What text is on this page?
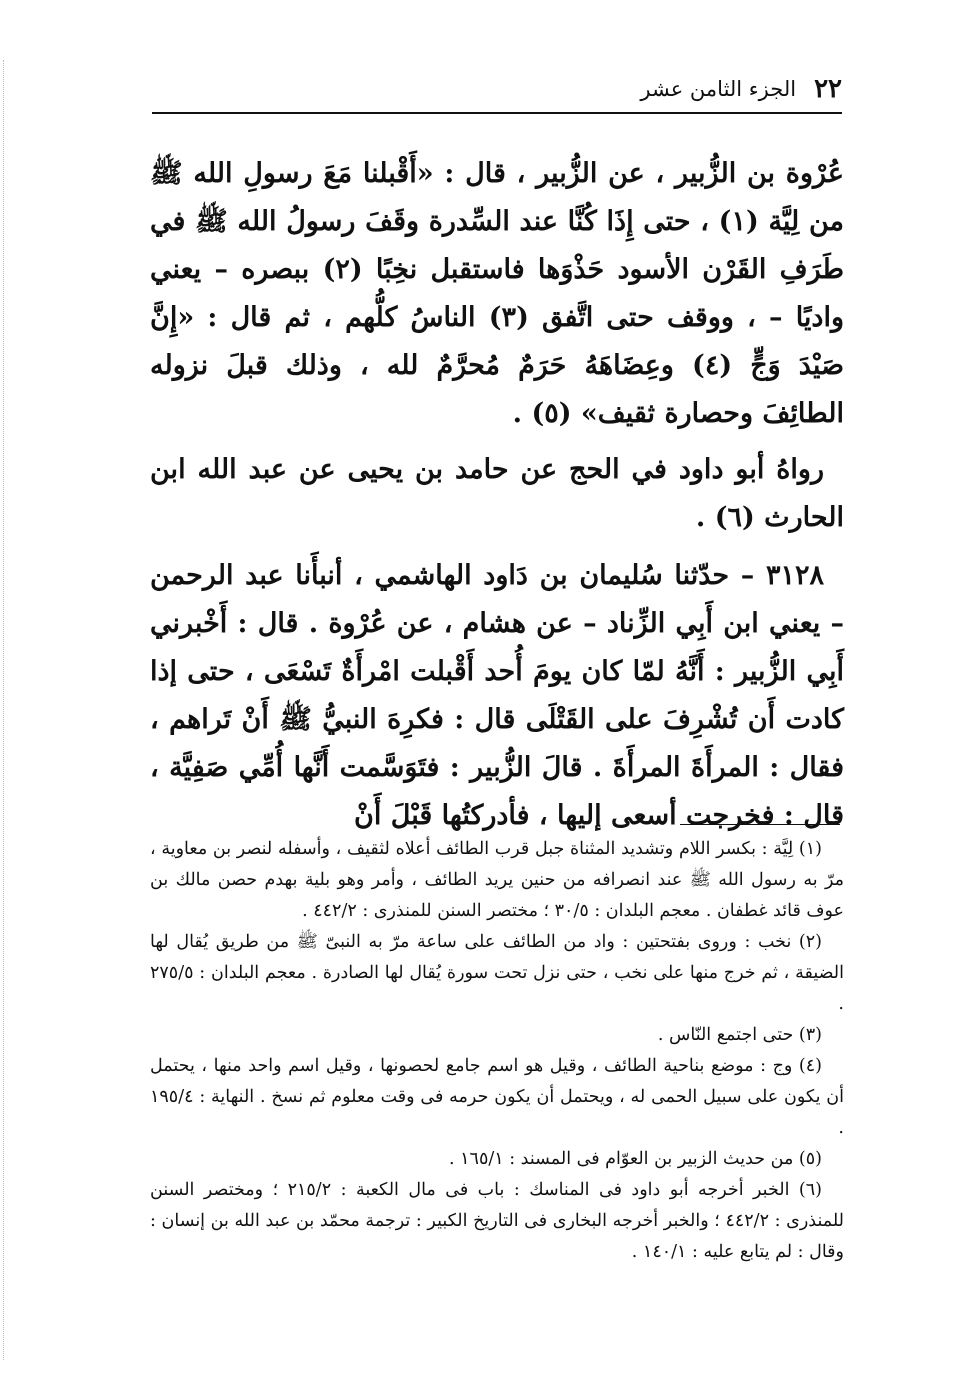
٢٢
الجزء الثامن عشر

عُرْوة بن الزُّبير ، عن الزُّبير ، قال : «أَقْبلنا مَعَ رسولِ الله ﷺ من لِيَّة (١) ، حتى إِذَا كُنَّا عند السِّدرة وقَفَ رسولُ الله ﷺ في طَرَفِ القَرْن الأسود حَذْوَها فاستقبل نخِبًا (٢) ببصره – يعني واديًا – ، ووقف حتى اتَّفق (٣) الناسُ كلُّهم ، ثم قال : «إِنَّ صَيْدَ وَجٍّ (٤) وعِضَاهَهُ حَرَمٌ مُحرَّمٌ لله ، وذلك قبلَ نزوله الطائِفَ وحصارة ثقيف» (٥) .

رواهُ أبو داود في الحج عن حامد بن يحيى عن عبد الله ابن الحارث (٦) .

٣١٢٨ – حدّثنا سُليمان بن دَاود الهاشمي ، أنبأَنا عبد الرحمن – يعني ابن أَبِي الزِّناد – عن هشام ، عن عُرْوة . قال : أَخْبرني أَبِي الزُّبير : أَنَّهُ لمّا كان يومَ أُحد أَقْبلت امْرأَةٌ تَسْعَى ، حتى إذا كادت أَن تُشْرِفَ على القَتْلَى قال : فكرِهَ النبيُّ ﷺ أَنْ تَراهم ، فقال : المرأَةَ المرأَةَ . قالَ الزُّبير : فتَوَسَّمت أَنَّها أُمِّي صَفِيَّة ، قال : فخرجت أسعى إليها ، فأدركتُها قَبْلَ أَنْ

(١) لِيَّة : بكسر اللام وتشديد المثناة جبل قرب الطائف أعلاه لثقيف ، وأسفله لنصر بن معاوية ، مرّ به رسول الله ﷺ عند انصرافه من حنين يريد الطائف ، وأمر وهو بلية بهدم حصن مالك بن عوف قائد غطفان . معجم البلدان : ٣٠/٥ ؛ مختصر السنن للمنذرى : ٤٤٢/٢ .

(٢) نخب : وروى بفتحتين : واد من الطائف على ساعة مرّ به النبىّ ﷺ من طريق يُقال لها الضيقة ، ثم خرج منها على نخب ، حتى نزل تحت سورة يُقال لها الصادرة . معجم البلدان : ٢٧٥/٥ .

(٣) حتى اجتمع النّاس .

(٤) وج : موضع بناحية الطائف ، وقيل هو اسم جامع لحصونها ، وقيل اسم واحد منها ، يحتمل أن يكون على سبيل الحمى له ، ويحتمل أن يكون حرمه فى وقت معلوم ثم نسخ . النهاية : ١٩٥/٤ .

(٥) من حديث الزبير بن العوّام فى المسند : ١٦٥/١ .

(٦) الخبر أخرجه أبو داود فى المناسك : باب فى مال الكعبة : ٢١٥/٢ ؛ ومختصر السنن للمنذرى : ٤٤٢/٢ ؛ والخبر أخرجه البخارى فى التاريخ الكبير : ترجمة محمّد بن عبد الله بن إنسان : وقال : لم يتابع عليه : ١٤٠/١ .
